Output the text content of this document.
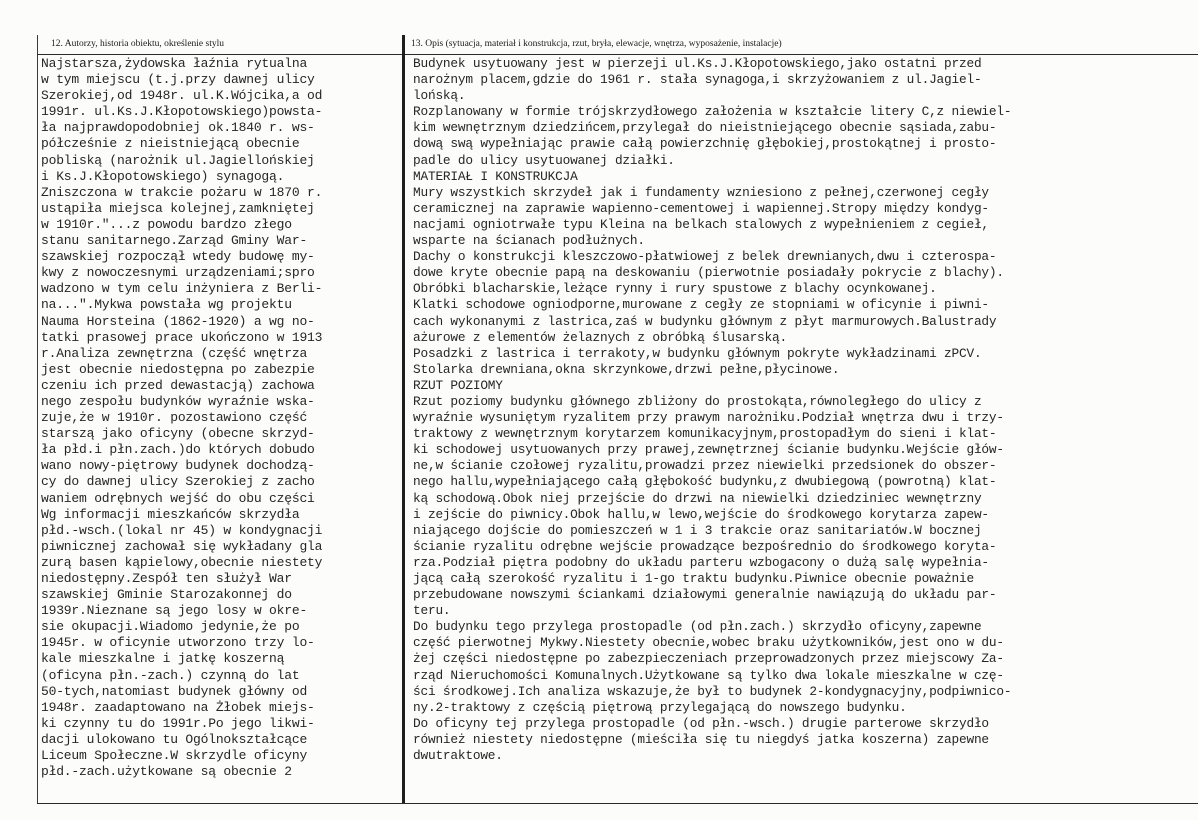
12. Autorzy, historia obiektu, określenie stylu	13. Opis (sytuacja, materiał i konstrukcja, rzut, bryła, elewacje, wnętrza, wyposażenie, instalacje)
Najstarsza,żydowska łaźnia rytualna
w tym miejscu (t.j.przy dawnej ulicy
Szerokiej,od 1948r. ul.K.Wójcika,a od
1991r. ul.Ks.J.Kłopotowskiego)powsta-
ła najprawdopodobniej ok.1840 r. ws-
półcześnie z nieistniejącą obecnie
pobliską (narożnik ul.Jagiellońskiej
i Ks.J.Kłopotowskiego) synagogą.
Zniszczona w trakcie pożaru w 1870 r.
ustąpiła miejsca kolejnej,zamkniętej
w 1910r."...z powodu bardzo złego
stanu sanitarnego.Zarząd Gminy War-
szawskiej rozpoczął wtedy budowę my-
kwy z nowoczesnymi urządzeniami;spro
wadzono w tym celu inżyniera z Berli-
na...".Mykwa powstała wg projektu
Nauma Horsteina (1862-1920) a wg no-
tatki prasowej prace ukończono w 1913
r.Analiza zewnętrzna (część wnętrza
jest obecnie niedostępna po zabezpie
czeniu ich przed dewastacją) zachowa
nego zespołu budynków wyraźnie wska-
zuje,że w 1910r. pozostawiono część
starszą jako oficyny (obecne skrzyd-
ła płd.i płn.zach.)do których dobudo
wano nowy-piętrowy budynek dochodzą-
cy do dawnej ulicy Szerokiej z zacho
waniem odrębnych wejść do obu części
Wg informacji mieszkańców skrzydła
płd.-wsch.(lokal nr 45) w kondygnacji
piwnicznej zachował się wykładany gla
zurą basen kąpielowy,obecnie niestety
niedostępny.Zespół ten służył War
szawskiej Gminie Starozakonnej do
1939r.Nieznane są jego losy w okre-
sie okupacji.Wiadomo jedynie,że po
1945r. w oficynie utworzono trzy lo-
kale mieszkalne i jatkę koszerną
(oficyna płn.-zach.) czynną do lat
50-tych,natomiast budynek główny od
1948r. zaadaptowano na Żłobek miejs-
ki czynny tu do 1991r.Po jego likwi-
dacji ulokowano tu Ogólnokształcące
Liceum Społeczne.W skrzydle oficyny
płd.-zach.użytkowane są obecnie 2
Budynek usytuowany jest w pierzeji ul.Ks.J.Kłopotowskiego,jako ostatni przed
narożnym placem,gdzie do 1961 r. stała synagoga,i skrzyżowaniem z ul.Jagiel-
lońską.
Rozplanowany w formie trójskrzydłowego założenia w kształcie litery C,z niewiel-
kim wewnętrznym dziedzińcem,przylegał do nieistniejącego obecnie sąsiada,zabu-
dową swą wypełniając prawie całą powierzchnię głębokiej,prostokątnej i prosto-
padle do ulicy usytuowanej działki.
MATERIAŁ I KONSTRUKCJA
Mury wszystkich skrzydeł jak i fundamenty wzniesiono z pełnej,czerwonej cegły
ceramicznej na zaprawie wapienno-cementowej i wapiennej.Stropy między kondyg-
nacjami ogniotrwałe typu Kleina na belkach stalowych z wypełnieniem z cegieł,
wsparte na ścianach podłużnych.
Dachy o konstrukcji kleszczowo-płatwiowej z belek drewnianych,dwu i czterospa-
dowe kryte obecnie papą na deskowaniu (pierwotnie posiadały pokrycie z blachy).
Obróbki blacharskie,leżące rynny i rury spustowe z blachy ocynkowanej.
Klatki schodowe ogniodporne,murowane z cegły ze stopniami w oficynie i piwni-
cach wykonanymi z lastrica,zaś w budynku głównym z płyt marmurowych.Balustrady
ażurowe z elementów żelaznych z obróbką ślusarską.
Posadzki z lastrica i terrakoty,w budynku głównym pokryte wykładzinami zPCV.
Stolarka drewniana,okna skrzynkowe,drzwi pełne,płycinowe.
RZUT POZIOMY
Rzut poziomy budynku głównego zbliżony do prostokąta,równoległego do ulicy z
wyraźnie wysuniętym ryzalitem przy prawym narożniku.Podział wnętrza dwu i trzy-
traktowy z wewnętrznym korytarzem komunikacyjnym,prostopadłym do sieni i klat-
ki schodowej usytuowanych przy prawej,zewnętrznej ścianie budynku.Wejście głów-
ne,w ścianie czołowej ryzalitu,prowadzi przez niewielki przedsionek do obszer-
nego hallu,wypełniającego całą głębokość budynku,z dwubiegową (powrotną) klat-
ką schodową.Obok niej przejście do drzwi na niewielki dziedziniec wewnętrzny
i zejście do piwnicy.Obok hallu,w lewo,wejście do środkowego korytarza zapew-
niającego dojście do pomieszczeń w 1 i 3 trakcie oraz sanitariatów.W bocznej
ścianie ryzalitu odrębne wejście prowadzące bezpośrednio do środkowego koryta-
rza.Podział piętra podobny do układu parteru wzbogacony o dużą salę wypełnia-
jącą całą szerokość ryzalitu i 1-go traktu budynku.Piwnice obecnie poważnie
przebudowane nowszymi ściankami działowymi generalnie nawiązują do układu par-
teru.
Do budynku tego przylega prostopadle (od płn.zach.) skrzydło oficyny,zapewne
część pierwotnej Mykwy.Niestety obecnie,wobec braku użytkowników,jest ono w du-
żej części niedostępne po zabezpieczeniach przeprowadzonych przez miejscowy Za-
rząd Nieruchomości Komunalnych.Użytkowane są tylko dwa lokale mieszkalne w czę-
ści środkowej.Ich analiza wskazuje,że był to budynek 2-kondygnacyjny,podpiwnico-
ny.2-traktowy z częścią piętrową przylegającą do nowszego budynku.
Do oficyny tej przylega prostopadle (od płn.-wsch.) drugie parterowe skrzydło
również niestety niedostępne (mieściła się tu niegdyś jatka koszerna) zapewne
dwutraktowe.
